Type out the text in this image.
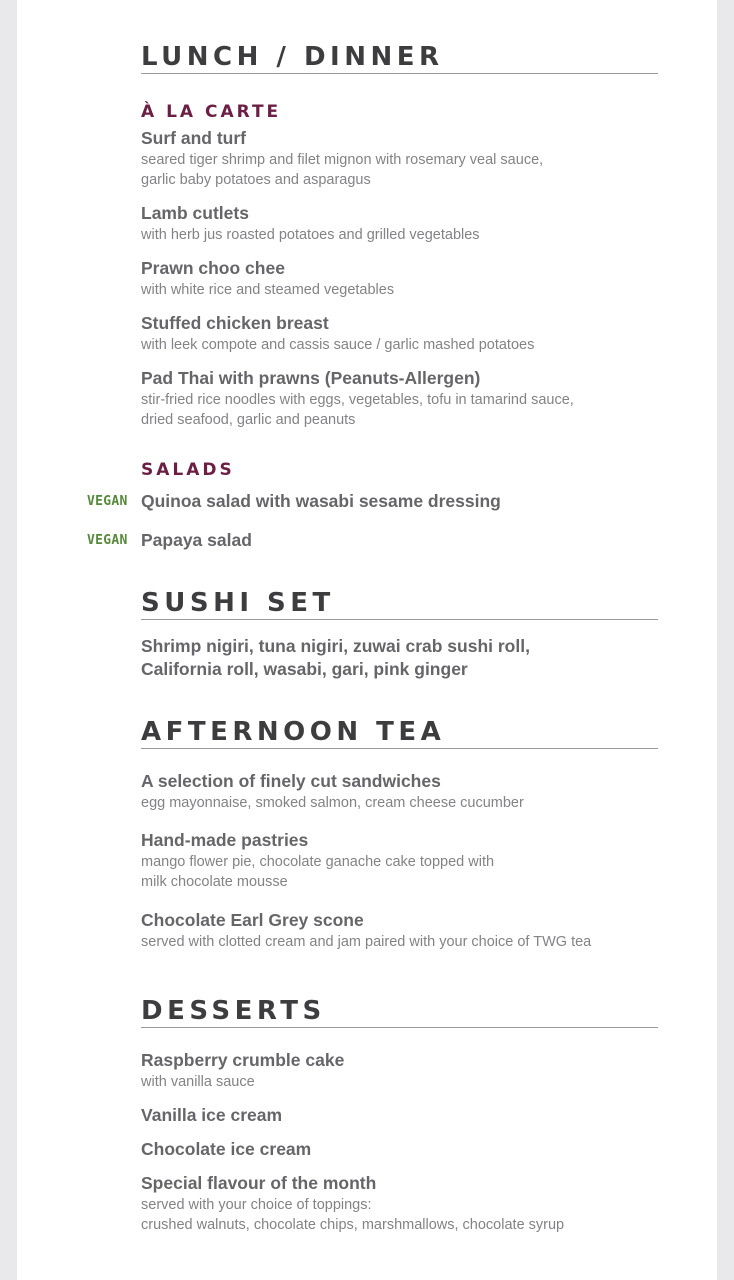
LUNCH / DINNER
À LA CARTE
Surf and turf
seared tiger shrimp and filet mignon with rosemary veal sauce,
garlic baby potatoes and asparagus
Lamb cutlets
with herb jus roasted potatoes and grilled vegetables
Prawn choo chee
with white rice and steamed vegetables
Stuffed chicken breast
with leek compote and cassis sauce / garlic mashed potatoes
Pad Thai with prawns (Peanuts-Allergen)
stir-fried rice noodles with eggs, vegetables, tofu in tamarind sauce,
dried seafood, garlic and peanuts
SALADS
VEGAN Quinoa salad with wasabi sesame dressing
VEGAN Papaya salad
SUSHI SET
Shrimp nigiri, tuna nigiri, zuwai crab sushi roll,
California roll, wasabi, gari, pink ginger
AFTERNOON TEA
A selection of finely cut sandwiches
egg mayonnaise, smoked salmon, cream cheese cucumber
Hand-made pastries
mango flower pie, chocolate ganache cake topped with
milk chocolate mousse
Chocolate Earl Grey scone
served with clotted cream and jam paired with your choice of TWG tea
DESSERTS
Raspberry crumble cake
with vanilla sauce
Vanilla ice cream
Chocolate ice cream
Special flavour of the month
served with your choice of toppings:
crushed walnuts, chocolate chips, marshmallows, chocolate syrup
